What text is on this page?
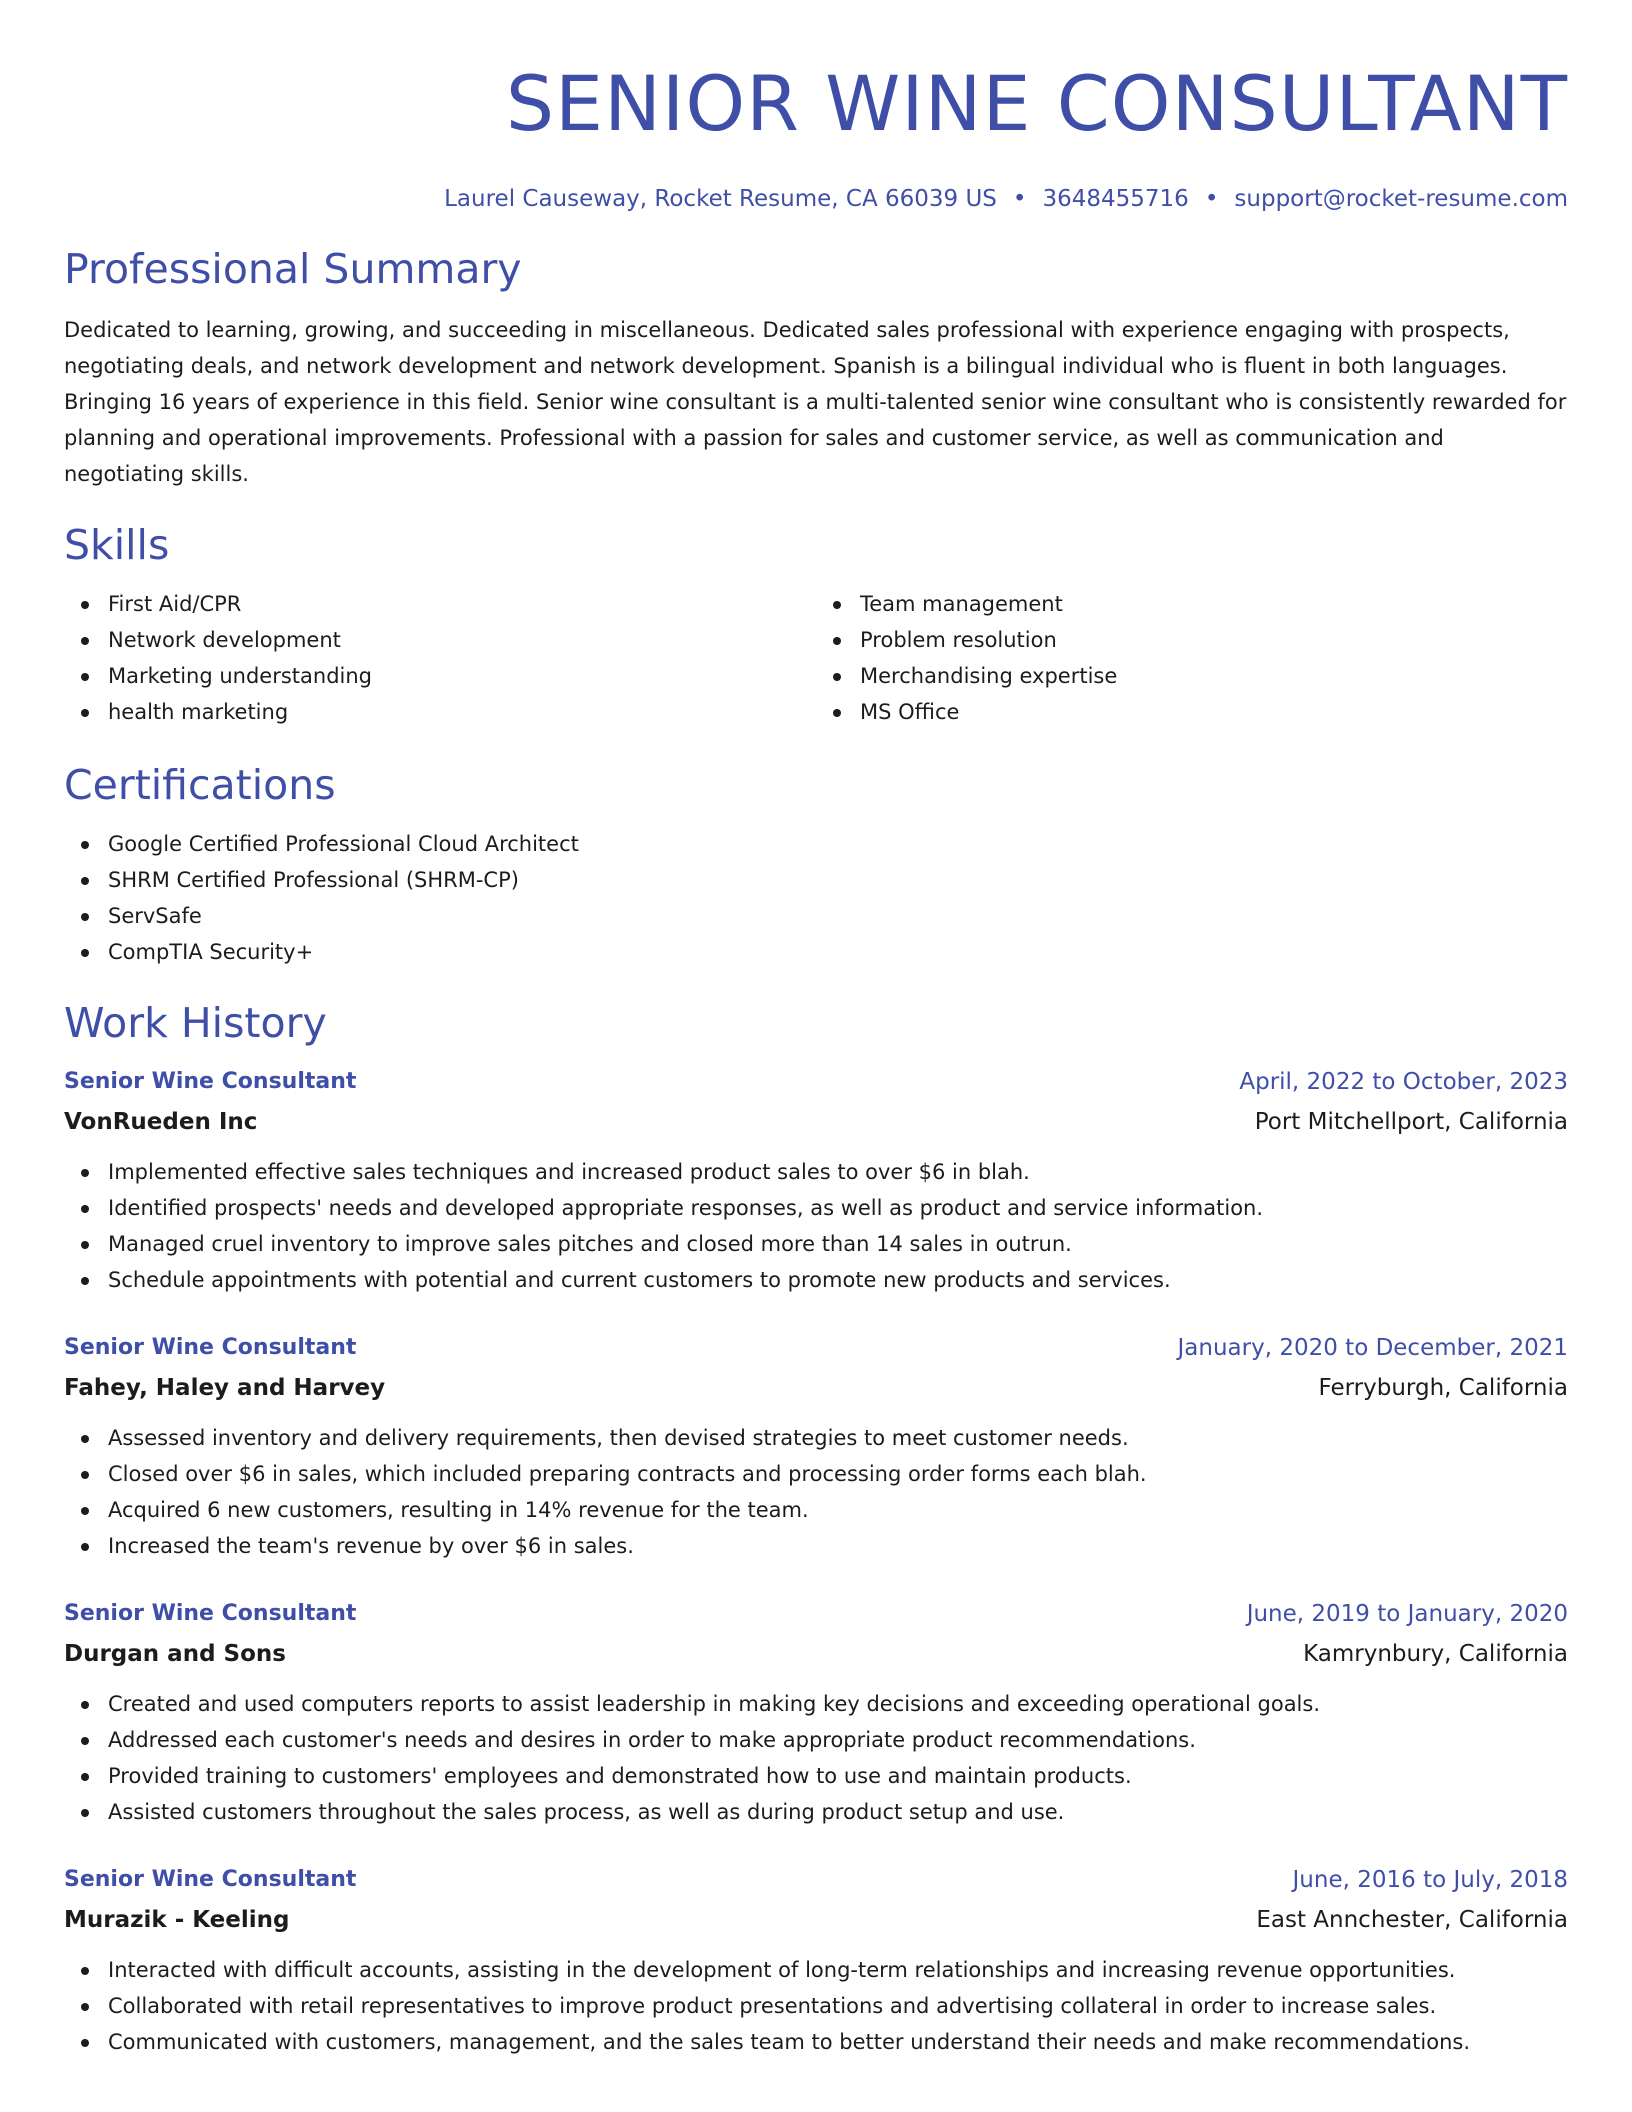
SENIOR WINE CONSULTANT
Laurel Causeway, Rocket Resume, CA 66039 US • 3648455716 • support@rocket-resume.com
Professional Summary
Dedicated to learning, growing, and succeeding in miscellaneous. Dedicated sales professional with experience engaging with prospects, negotiating deals, and network development and network development. Spanish is a bilingual individual who is fluent in both languages. Bringing 16 years of experience in this field. Senior wine consultant is a multi-talented senior wine consultant who is consistently rewarded for planning and operational improvements. Professional with a passion for sales and customer service, as well as communication and negotiating skills.
Skills
First Aid/CPR
Network development
Marketing understanding
health marketing
Team management
Problem resolution
Merchandising expertise
MS Office
Certifications
Google Certified Professional Cloud Architect
SHRM Certified Professional (SHRM-CP)
ServSafe
CompTIA Security+
Work History
Senior Wine Consultant	April, 2022 to October, 2023
VonRueden Inc	Port Mitchellport, California
Implemented effective sales techniques and increased product sales to over $6 in blah.
Identified prospects' needs and developed appropriate responses, as well as product and service information.
Managed cruel inventory to improve sales pitches and closed more than 14 sales in outrun.
Schedule appointments with potential and current customers to promote new products and services.
Senior Wine Consultant	January, 2020 to December, 2021
Fahey, Haley and Harvey	Ferryburgh, California
Assessed inventory and delivery requirements, then devised strategies to meet customer needs.
Closed over $6 in sales, which included preparing contracts and processing order forms each blah.
Acquired 6 new customers, resulting in 14% revenue for the team.
Increased the team's revenue by over $6 in sales.
Senior Wine Consultant	June, 2019 to January, 2020
Durgan and Sons	Kamrynbury, California
Created and used computers reports to assist leadership in making key decisions and exceeding operational goals.
Addressed each customer's needs and desires in order to make appropriate product recommendations.
Provided training to customers' employees and demonstrated how to use and maintain products.
Assisted customers throughout the sales process, as well as during product setup and use.
Senior Wine Consultant	June, 2016 to July, 2018
Murazik - Keeling	East Annchester, California
Interacted with difficult accounts, assisting in the development of long-term relationships and increasing revenue opportunities.
Collaborated with retail representatives to improve product presentations and advertising collateral in order to increase sales.
Communicated with customers, management, and the sales team to better understand their needs and make recommendations.
